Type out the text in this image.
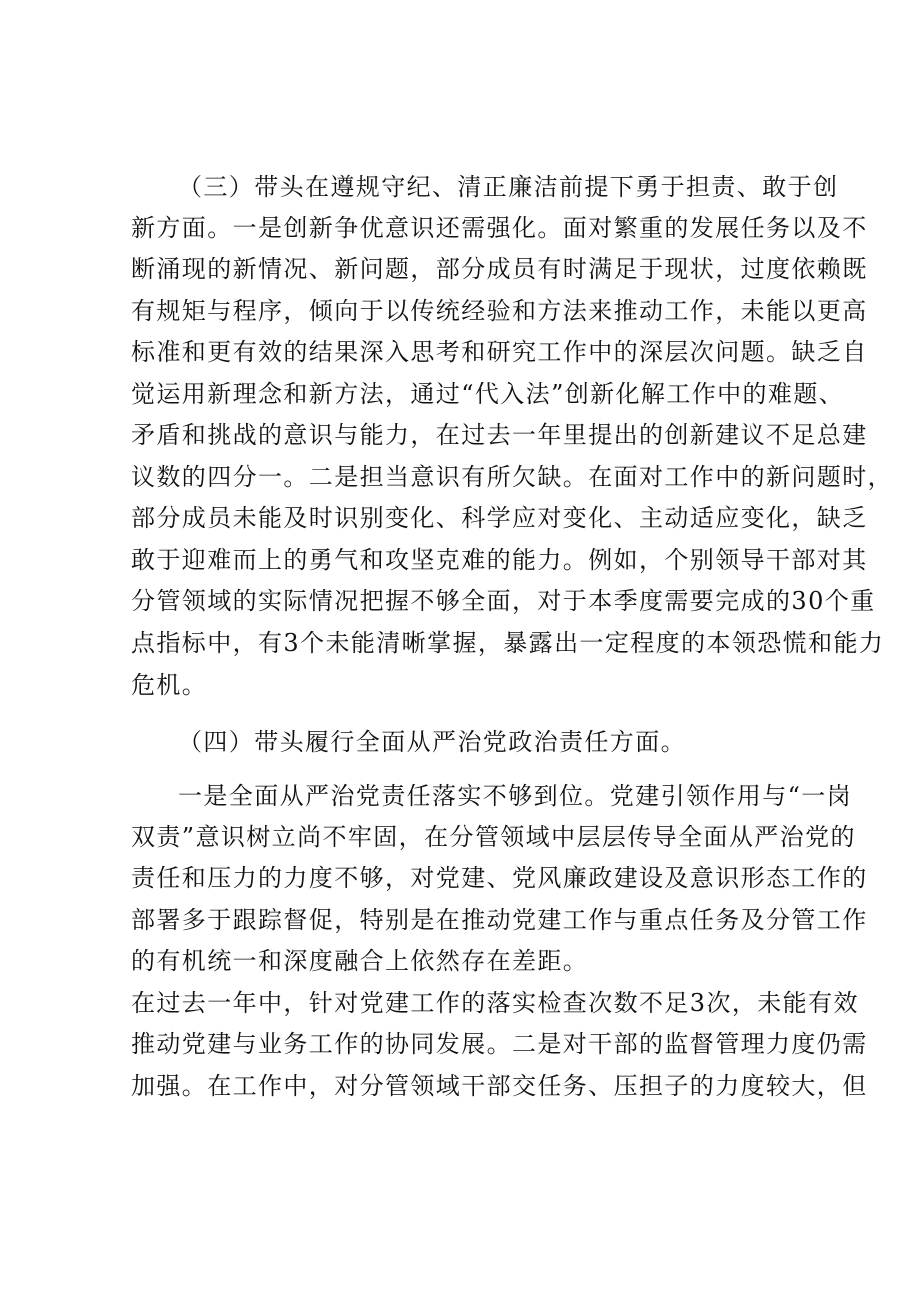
（三）带头在遵规守纪、清正廉洁前提下勇于担责、敢于创

新方面。一是创新争优意识还需强化。面对繁重的发展任务以及不

断涌现的新情况、新问题，部分成员有时满足于现状，过度依赖既

有规矩与程序，倾向于以传统经验和方法来推动工作，未能以更高

标准和更有效的结果深入思考和研究工作中的深层次问题。缺乏自

觉运用新理念和新方法，通过“代入法”创新化解工作中的难题、

矛盾和挑战的意识与能力，在过去一年里提出的创新建议不足总建

议数的四分一。二是担当意识有所欠缺。在面对工作中的新问题时，

部分成员未能及时识别变化、科学应对变化、主动适应变化，缺乏

敢于迎难而上的勇气和攻坚克难的能力。例如，个别领导干部对其

分管领域的实际情况把握不够全面，对于本季度需要完成的30个重

点指标中，有3个未能清晰掌握，暴露出一定程度的本领恐慌和能力

危机。

（四）带头履行全面从严治党政治责任方面。

一是全面从严治党责任落实不够到位。党建引领作用与“一岗

双责”意识树立尚不牢固，在分管领域中层层传导全面从严治党的

责任和压力的力度不够，对党建、党风廉政建设及意识形态工作的

部署多于跟踪督促，特别是在推动党建工作与重点任务及分管工作

的有机统一和深度融合上依然存在差距。

在过去一年中，针对党建工作的落实检查次数不足3次，未能有效

推动党建与业务工作的协同发展。二是对干部的监督管理力度仍需

加强。在工作中，对分管领域干部交任务、压担子的力度较大，但
